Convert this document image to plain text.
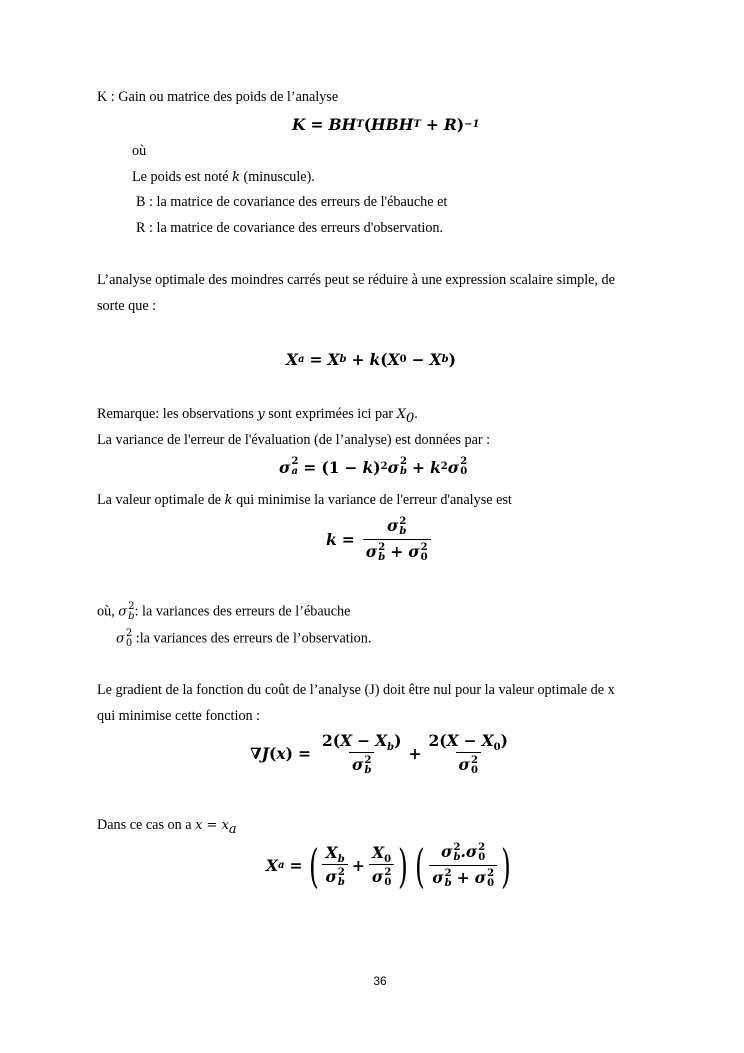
K : Gain ou matrice des poids de l’analyse
K = BH T ( HBH T + R ) −1
où
Le poids est noté k (minuscule).
B : la matrice de covariance des erreurs de l'ébauche et
R : la matrice de covariance des erreurs d'observation.
L’analyse optimale des moindres carrés peut se réduire à une expression scalaire simple, de
sorte que :
X a = X b + k ( X 0 − X b )
Remarque: les observations y sont exprimées ici par $X_0$.
La variance de l'erreur de l'évaluation (de l’analyse) est données par :
σ 2
a = (1 − k ) 2 σ 2
b + k 2 σ 2
0
La valeur optimale de k qui minimise la variance de l'erreur d'analyse est
k = σ 2
b
σ 2
b + σ 2
0
où, σ 2
b : la variances des erreurs de l’ébauche
σ 2
0 :la variances des erreurs de l’observation.
Le gradient de la fonction du coût de l’analyse (J) doit être nul pour la valeur optimale de x
qui minimise cette fonction :
∇J ( x ) = $2(X - X_b)$
σ 2
$b + 2(X - X_0)$
σ 2
0
Dans ce cas on a $x = x_a$
X a = ( $X_b$
σ 2
$b + X_0$
σ 2
0 ) ( σ 2
b .σ 2
0
σ 2
b + σ 2
0 )
36
